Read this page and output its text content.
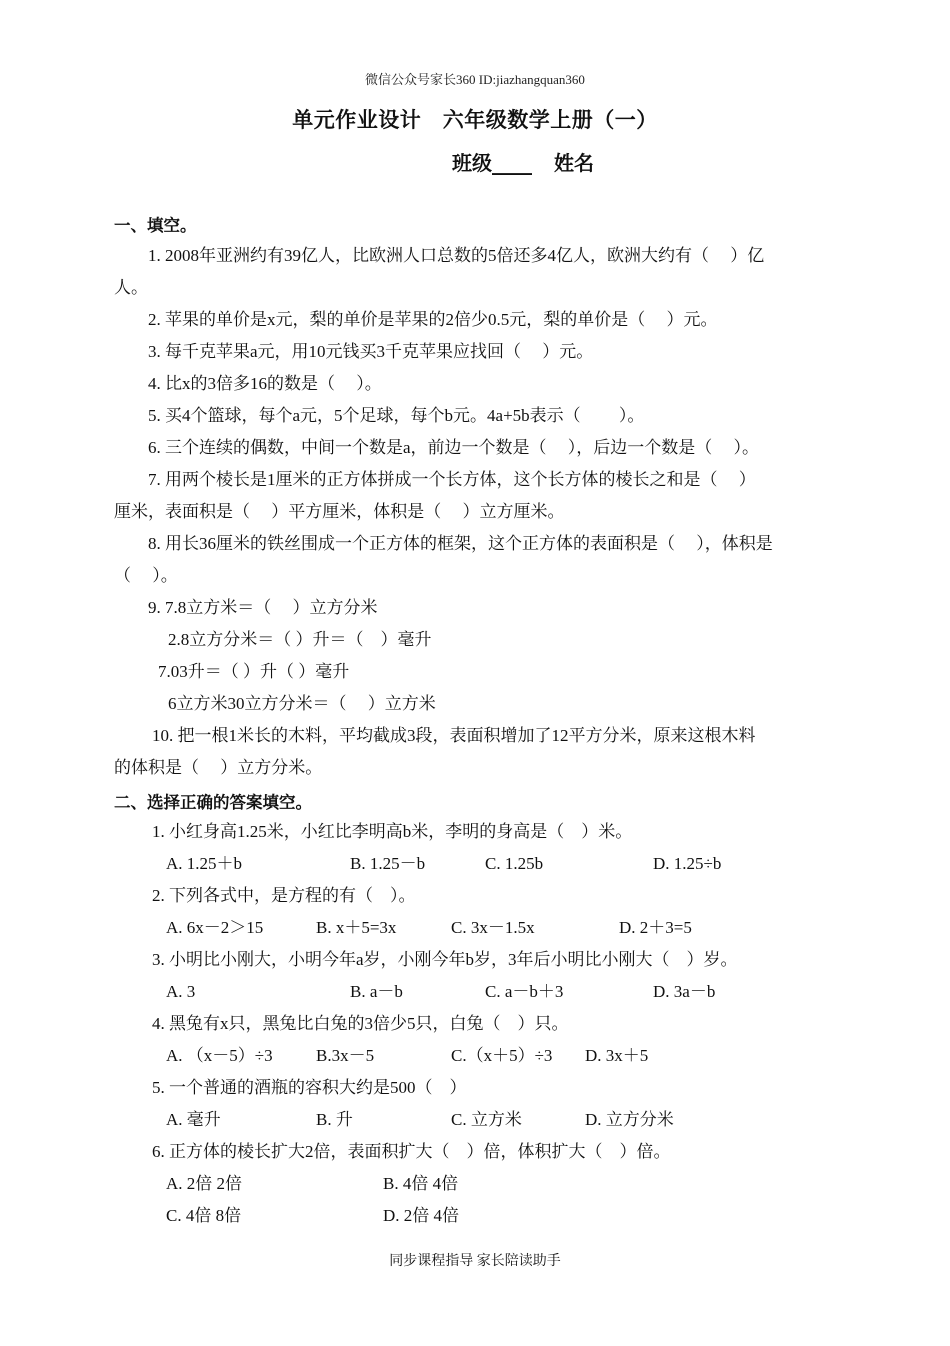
微信公众号家长360 ID:jiazhangquan360
单元作业设计　六年级数学上册（一）
班级____ 姓名
一、填空。
1. 2008年亚洲约有39亿人，比欧洲人口总数的5倍还多4亿人，欧洲大约有（　 ）亿
人。
2. 苹果的单价是x元，梨的单价是苹果的2倍少0.5元，梨的单价是（　 ）元。
3. 每千克苹果a元，用10元钱买3千克苹果应找回（　 ）元。
4. 比x的3倍多16的数是（　 ）。
5. 买4个篮球，每个a元，5个足球，每个b元。4a+5b表示（　　 ）。
6. 三个连续的偶数，中间一个数是a，前边一个数是（　 ），后边一个数是（　 ）。
7. 用两个棱长是1厘米的正方体拼成一个长方体，这个长方体的棱长之和是（　 ）
厘米，表面积是（　 ）平方厘米，体积是（　 ）立方厘米。
8. 用长36厘米的铁丝围成一个正方体的框架，这个正方体的表面积是（　 ），体积是
（　 ）。
9. 7.8立方米＝（　 ）立方分米
2.8立方分米＝（ ）升＝（　）毫升
7.03升＝（ ）升（ ）毫升
6立方米30立方分米＝（　 ）立方米
10. 把一根1米长的木料，平均截成3段，表面积增加了12平方分米，原来这根木料
的体积是（　 ）立方分米。
二、选择正确的答案填空。
1. 小红身高1.25米，小红比李明高b米，李明的身高是（　）米。
A. 1.25＋b	B. 1.25－b	C. 1.25b	D. 1.25÷b
2. 下列各式中，是方程的有（　）。
A. 6x－2＞15	B. x＋5=3x	C. 3x－1.5x	D. 2＋3=5
3. 小明比小刚大，小明今年a岁，小刚今年b岁，3年后小明比小刚大（　）岁。
A. 3	B. a－b	C. a－b＋3	D. 3a－b
4. 黑兔有x只，黑兔比白兔的3倍少5只，白兔（　）只。
A. （x－5）÷3	B.3x－5	C.（x＋5）÷3 D. 3x＋5
5. 一个普通的酒瓶的容积大约是500（　）
A. 毫升	B. 升	C. 立方米	D. 立方分米
6. 正方体的棱长扩大2倍，表面积扩大（　）倍，体积扩大（　）倍。
A. 2倍 2倍	B. 4倍 4倍
C. 4倍 8倍	D. 2倍 4倍
同步课程指导 家长陪读助手
